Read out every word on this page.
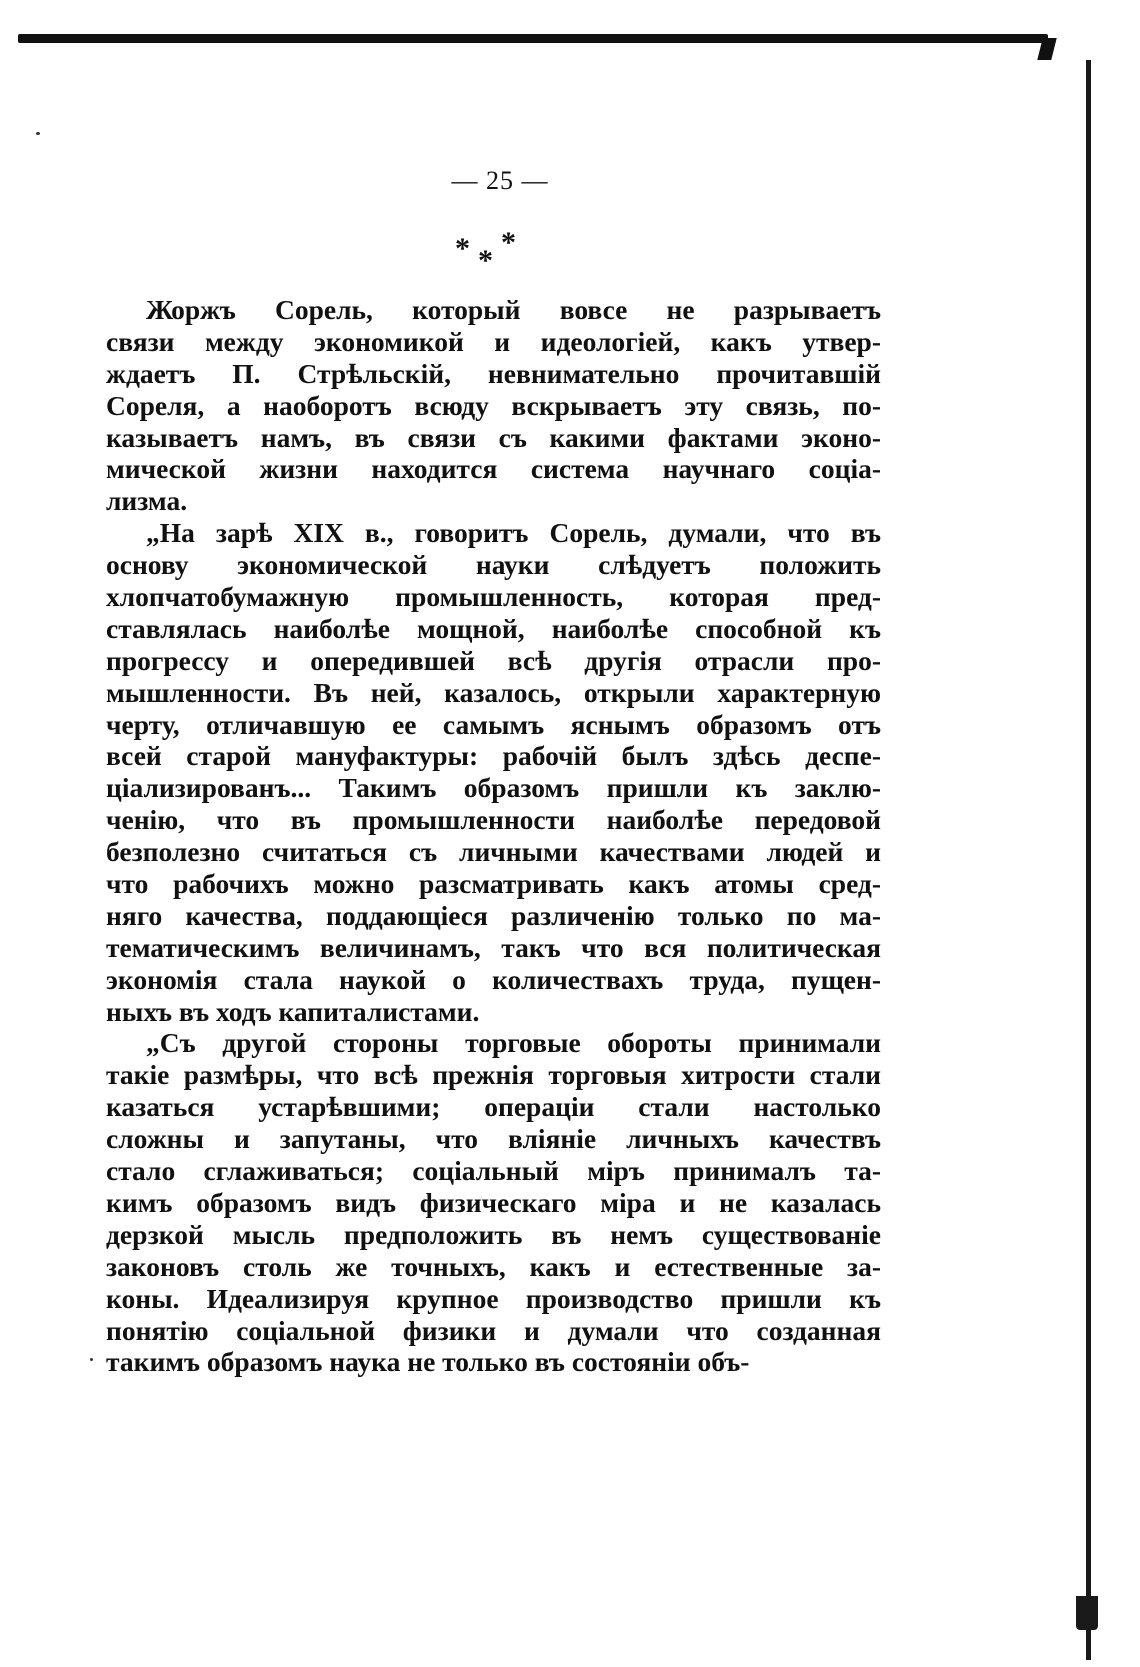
— 25 —
* *
*
Жоржъ Сорель, который вовсе не разрываетъ
связи между экономикой и идеологiей, какъ утвер-
ждаетъ П. Стрѣльскiй, невнимательно прочитавшiй
Сореля, а наоборотъ всюду вскрываетъ эту связь, по-
казываетъ намъ, въ связи съ какими фактами эконо-
мической жизни находится система научнаго соцiа-
лизма.
„На зарѣ XIX в., говоритъ Сорель, думали, что въ
основу экономической науки слѣдуетъ положить
хлопчатобумажную промышленность, которая пред-
ставлялась наиболѣе мощной, наиболѣе способной къ
прогрессу и опередившей всѣ другiя отрасли про-
мышленности. Въ ней, казалось, открыли характерную
черту, отличавшую ее самымъ яснымъ образомъ отъ
всей старой мануфактуры: рабочiй былъ здѣсь деспе-
цiализированъ... Такимъ образомъ пришли къ заклю-
ченiю, что въ промышленности наиболѣе передовой
безполезно считаться съ личными качествами людей и
что рабочихъ можно разсматривать какъ атомы сред-
няго качества, поддающiеся различенiю только по ма-
тематическимъ величинамъ, такъ что вся политическая
экономiя стала наукой о количествахъ труда, пущен-
ныхъ въ ходъ капиталистами.
„Съ другой стороны торговые обороты принимали
такiе размѣры, что всѣ прежнiя торговыя хитрости стали
казаться устарѣвшими; операцiи стали настолько
сложны и запутаны, что влiянiе личныхъ качествъ
стало сглаживаться; соцiальный мiръ принималъ та-
кимъ образомъ видъ физическаго мiра и не казалась
дерзкой мысль предположить въ немъ существованiе
законовъ столь же точныхъ, какъ и естественные за-
коны. Идеализируя крупное производство пришли къ
понятiю соцiальной физики и думали что созданная
такимъ образомъ наука не только въ состоянiи объ-
